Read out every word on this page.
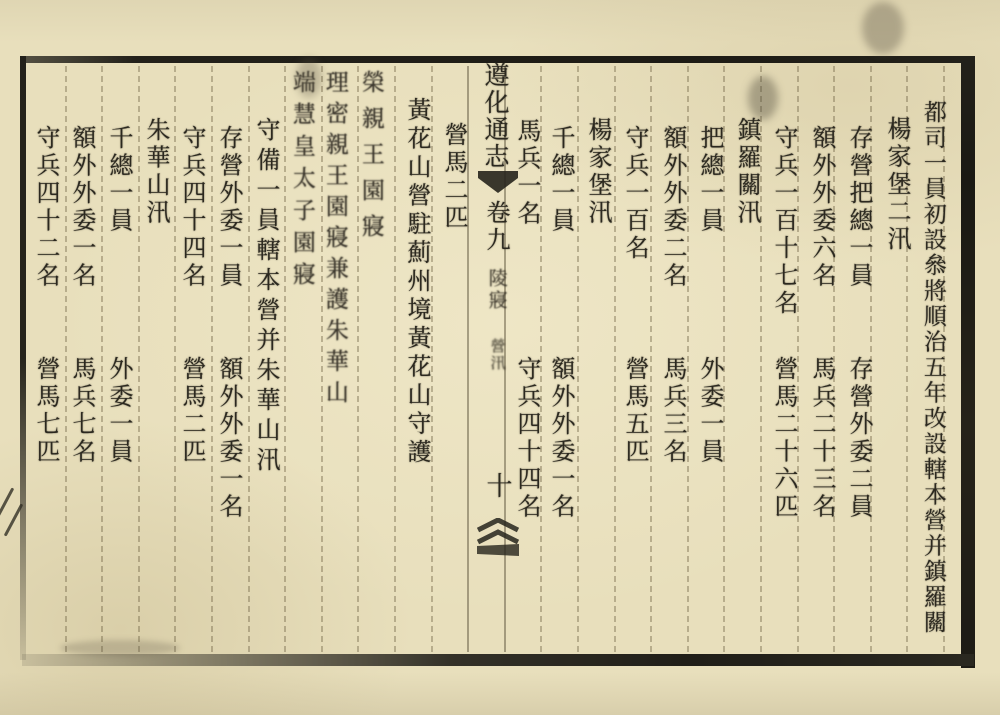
都司一員初設叅將順治五年改設轄本營并鎮羅關
楊家堡二汛
存營把總一員
存營外委二員
額外外委六名
馬兵二十三名
守兵一百十七名
營馬二十六匹
鎮羅關汛
把總一員
外委一員
額外外委二名
馬兵三名
守兵一百名
營馬五匹
楊家堡汛
千總一員
額外外委一名
馬兵一名
守兵四十四名
遵化通志
卷九
陵寢
營汛
十
營馬二匹
黃花山營駐薊州境黃花山守護
榮親王園寢
理密親王園寢兼護朱華山
端慧皇太子園寢
守備一員轄本營并朱華山汛
存營外委一員
額外外委一名
守兵四十四名
營馬二匹
朱華山汛
千總一員
外委一員
額外外委一名
馬兵七名
守兵四十二名
營馬七匹
